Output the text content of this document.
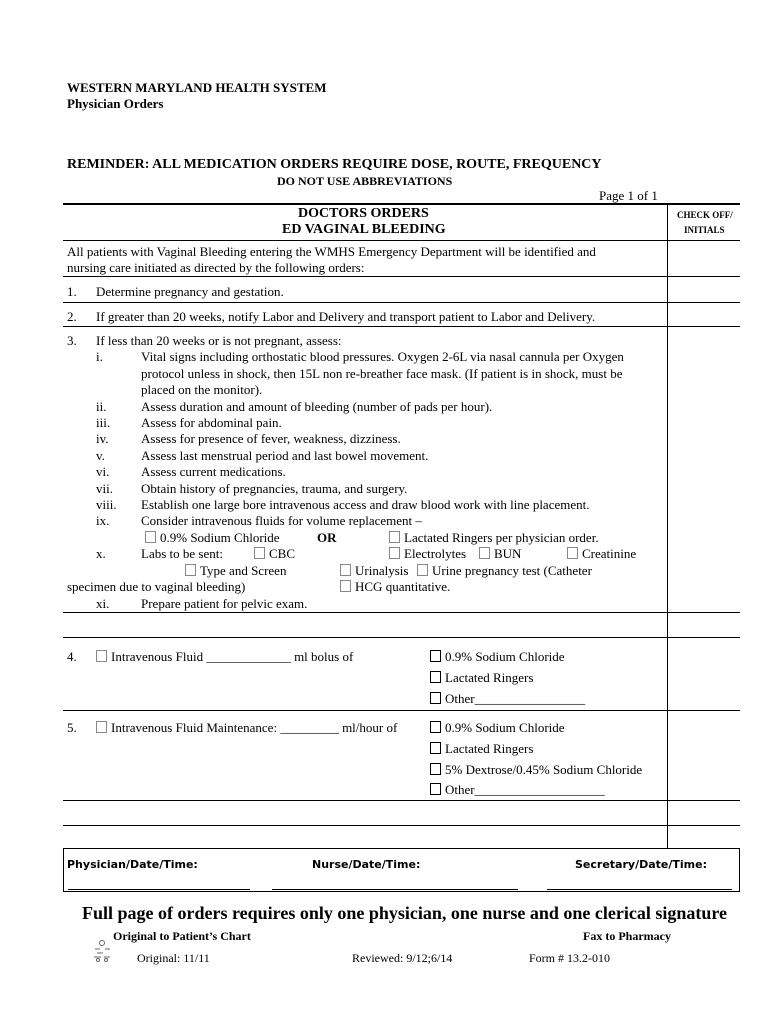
WESTERN MARYLAND HEALTH SYSTEM
Physician Orders
REMINDER: ALL MEDICATION ORDERS REQUIRE DOSE, ROUTE, FREQUENCY
DO NOT USE ABBREVIATIONS
Page 1 of 1
DOCTORS ORDERS
ED VAGINAL BLEEDING
CHECK OFF/
INITIALS
All patients with Vaginal Bleeding entering the WMHS Emergency Department will be identified and
nursing care initiated as directed by the following orders:
1. Determine pregnancy and gestation.
2. If greater than 20 weeks, notify Labor and Delivery and transport patient to Labor and Delivery.
3. If less than 20 weeks or is not pregnant, assess:
i.	Vital signs including orthostatic blood pressures. Oxygen 2-6L via nasal cannula per Oxygen
protocol unless in shock, then 15L non re-breather face mask. (If patient is in shock, must be
placed on the monitor).
ii.	Assess duration and amount of bleeding (number of pads per hour).
iii. Assess for abdominal pain.
iv. Assess for presence of fever, weakness, dizziness.
v.	Assess last menstrual period and last bowel movement.
vi. Assess current medications.
vii. Obtain history of pregnancies, trauma, and surgery.
viii. Establish one large bore intravenous access and draw blood work with line placement.
ix. Consider intravenous fluids for volume replacement –
0.9% Sodium Chloride	OR	Lactated Ringers per physician order.
x.	Labs to be sent:	CBC	Electrolytes	BUN	Creatinine
Type and Screen	Urinalysis	Urine pregnancy test (Catheter
specimen due to vaginal bleeding)	HCG quantitative.
xi. Prepare patient for pelvic exam.
4.	Intravenous Fluid _____________ ml bolus of	0.9% Sodium Chloride
Lactated Ringers
Other_________________
5.	Intravenous Fluid Maintenance: _________ ml/hour of	0.9% Sodium Chloride
Lactated Ringers
5% Dextrose/0.45% Sodium Chloride
Other____________________
Physician/Date/Time:	Nurse/Date/Time:	Secretary/Date/Time:
Full page of orders requires only one physician, one nurse and one clerical signature
Original to Patient’s Chart	Fax to Pharmacy
Original: 11/11	Reviewed: 9/12;6/14	Form # 13.2-010
